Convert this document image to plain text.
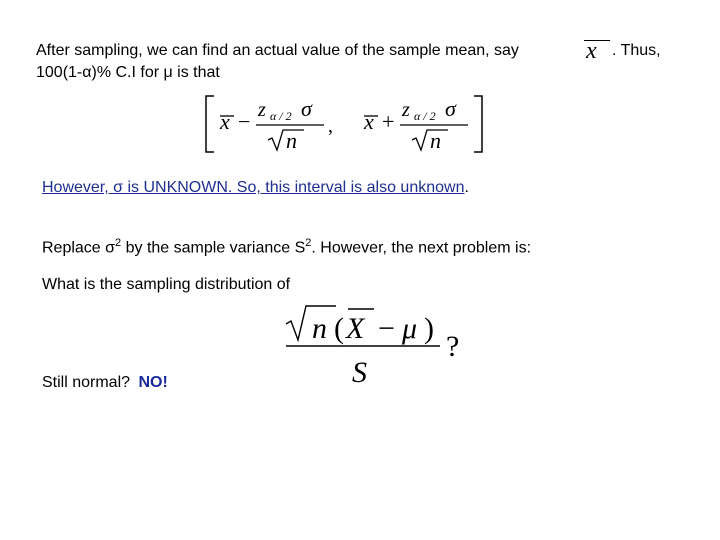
After sampling, we can find an actual value of the sample mean, say	x . Thus,
100(1-α)% C.I for μ is that
x − z α / 2 σ
n
, x + z α / 2 σ
n
However, σ is UNKNOWN. So, this interval is also unknown.
Replace $\sigma^2$ by the sample variance $S^2$. However, the next problem is:
What is the sampling distribution of
n ( X − μ )
S
?
Still normal? NO!
